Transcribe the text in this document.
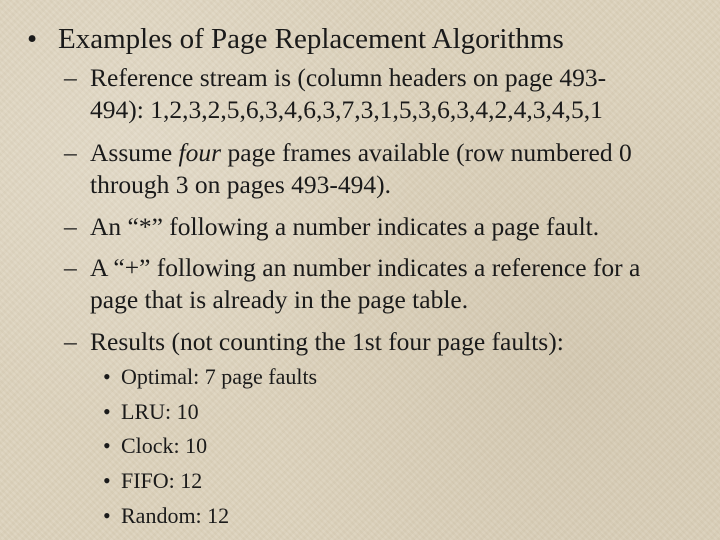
• Examples of Page Replacement Algorithms
– Reference stream is (column headers on page 493-
494): 1,2,3,2,5,6,3,4,6,3,7,3,1,5,3,6,3,4,2,4,3,4,5,1
– Assume four page frames available (row numbered 0
through 3 on pages 493-494).
– An “*” following a number indicates a page fault.
– A “+” following an number indicates a reference for a
page that is already in the page table.
– Results (not counting the 1st four page faults):
• Optimal: 7 page faults
• LRU: 10
• Clock: 10
• FIFO: 12
• Random: 12
